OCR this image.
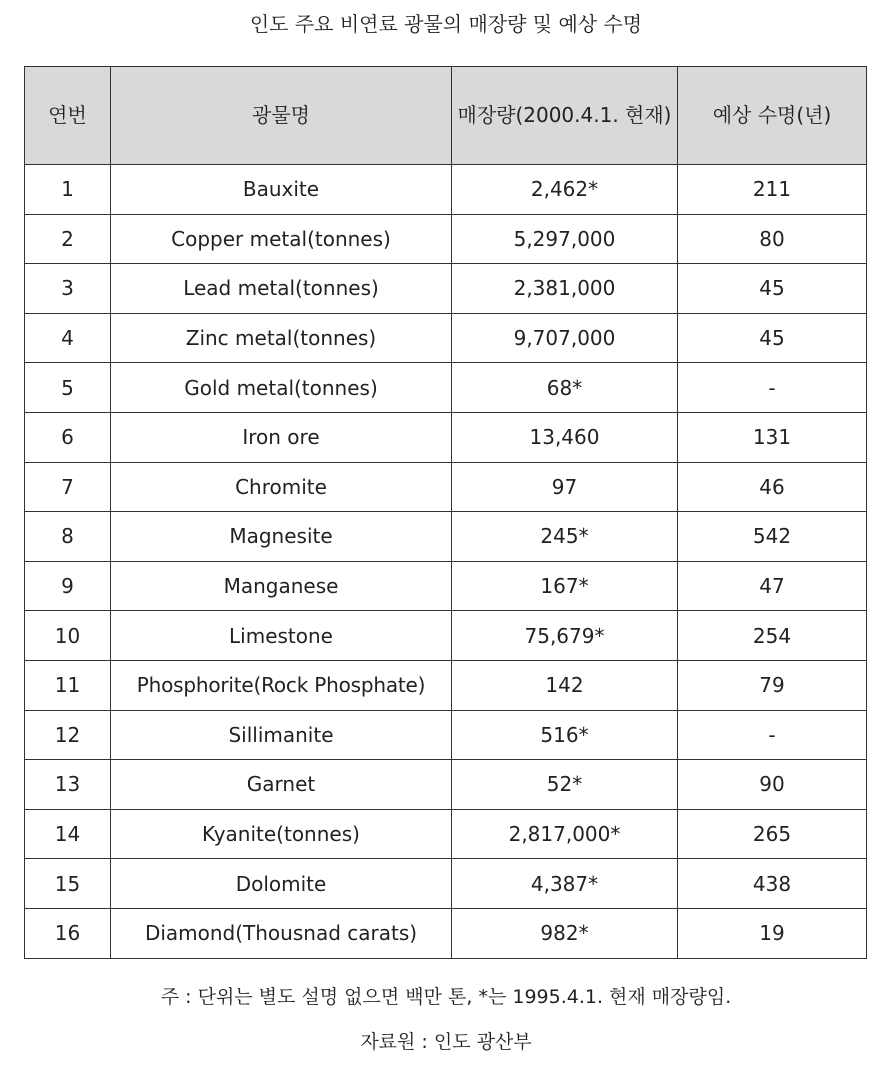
인도 주요 비연료 광물의 매장량 및 예상 수명
연번	광물명	매장량(2000.4.1. 현재)	예상 수명(년)
1	Bauxite	2,462*	211
2	Copper metal(tonnes)	5,297,000	80
3	Lead metal(tonnes)	2,381,000	45
4	Zinc metal(tonnes)	9,707,000	45
5	Gold metal(tonnes)	68*	-
6	Iron ore	13,460	131
7	Chromite	97	46
8	Magnesite	245*	542
9	Manganese	167*	47
10	Limestone	75,679*	254
11	Phosphorite(Rock Phosphate)	142	79
12	Sillimanite	516*	-
13	Garnet	52*	90
14	Kyanite(tonnes)	2,817,000*	265
15	Dolomite	4,387*	438
16	Diamond(Thousnad carats)	982*	19
주 : 단위는 별도 설명 없으면 백만 톤, *는 1995.4.1. 현재 매장량임.
자료원 : 인도 광산부
